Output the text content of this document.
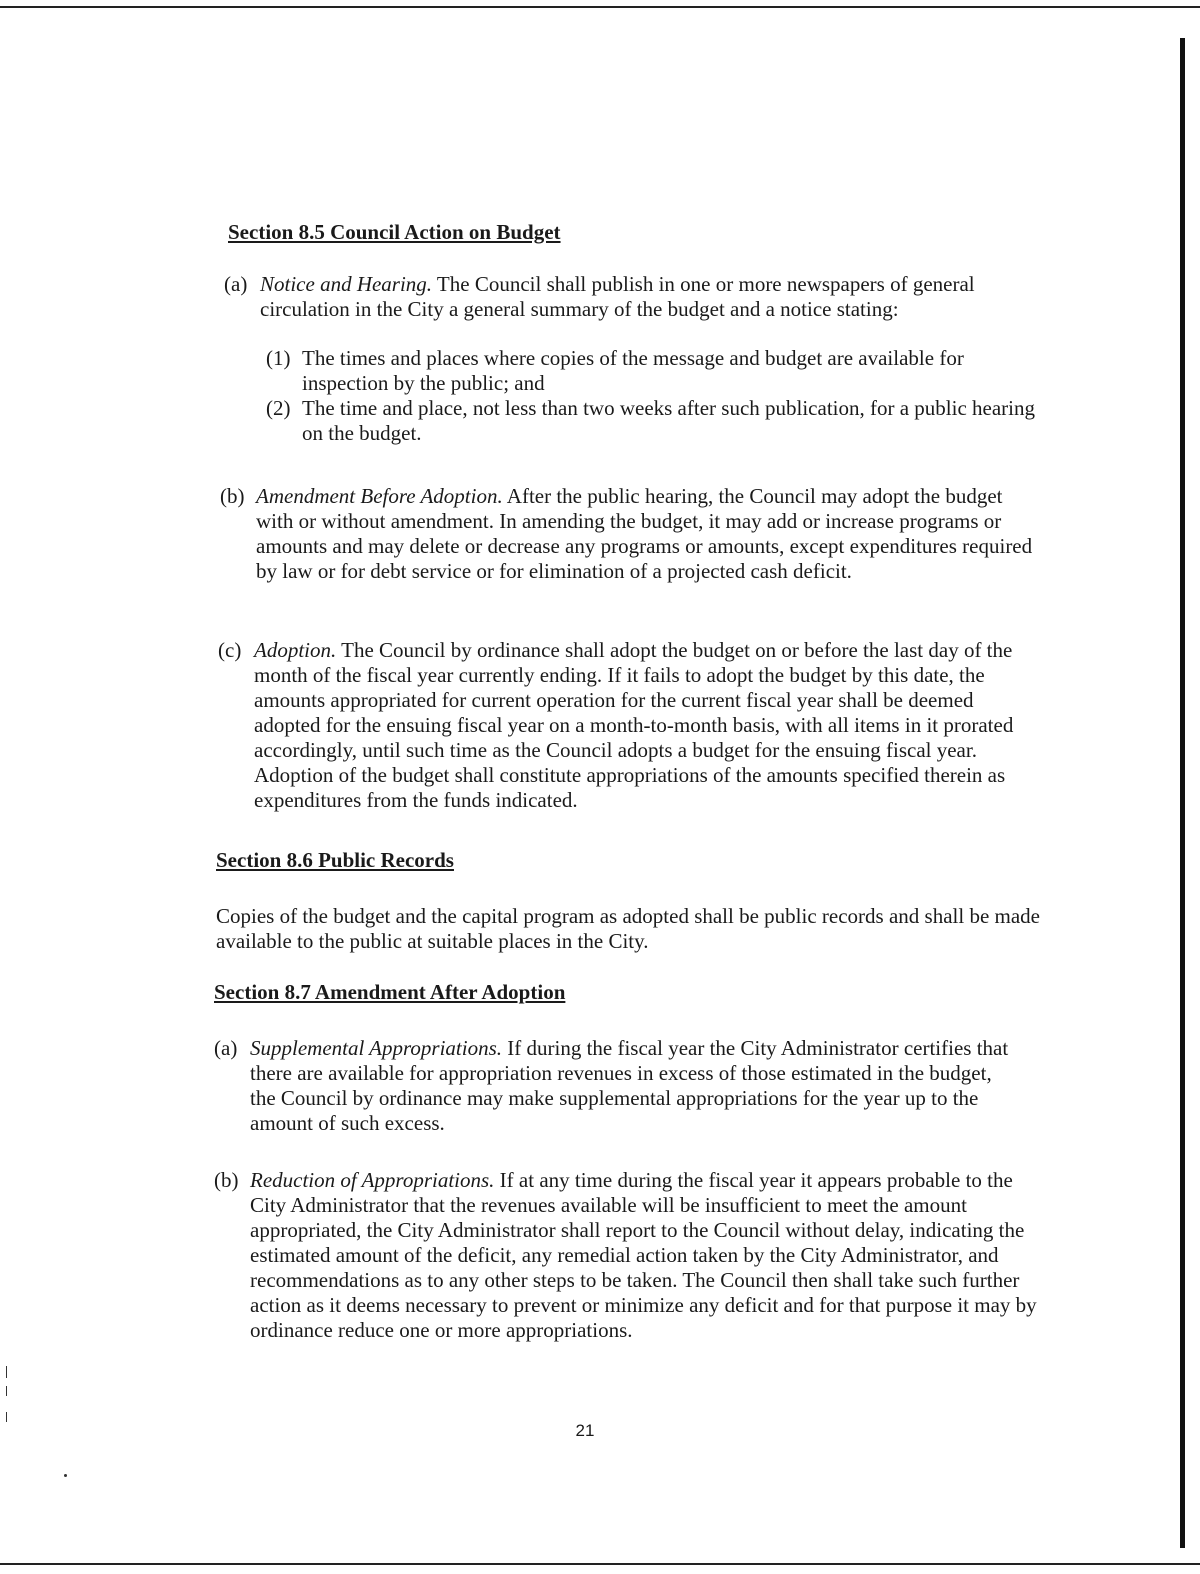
Section 8.5 Council Action on Budget
(a) Notice and Hearing. The Council shall publish in one or more newspapers of general circulation in the City a general summary of the budget and a notice stating:
(1) The times and places where copies of the message and budget are available for inspection by the public; and
(2) The time and place, not less than two weeks after such publication, for a public hearing on the budget.
(b) Amendment Before Adoption. After the public hearing, the Council may adopt the budget with or without amendment. In amending the budget, it may add or increase programs or amounts and may delete or decrease any programs or amounts, except expenditures required by law or for debt service or for elimination of a projected cash deficit.
(c) Adoption. The Council by ordinance shall adopt the budget on or before the last day of the month of the fiscal year currently ending. If it fails to adopt the budget by this date, the amounts appropriated for current operation for the current fiscal year shall be deemed adopted for the ensuing fiscal year on a month-to-month basis, with all items in it prorated accordingly, until such time as the Council adopts a budget for the ensuing fiscal year. Adoption of the budget shall constitute appropriations of the amounts specified therein as expenditures from the funds indicated.
Section 8.6 Public Records
Copies of the budget and the capital program as adopted shall be public records and shall be made available to the public at suitable places in the City.
Section 8.7 Amendment After Adoption
(a) Supplemental Appropriations. If during the fiscal year the City Administrator certifies that there are available for appropriation revenues in excess of those estimated in the budget, the Council by ordinance may make supplemental appropriations for the year up to the amount of such excess.
(b) Reduction of Appropriations. If at any time during the fiscal year it appears probable to the City Administrator that the revenues available will be insufficient to meet the amount appropriated, the City Administrator shall report to the Council without delay, indicating the estimated amount of the deficit, any remedial action taken by the City Administrator, and recommendations as to any other steps to be taken. The Council then shall take such further action as it deems necessary to prevent or minimize any deficit and for that purpose it may by ordinance reduce one or more appropriations.
21
